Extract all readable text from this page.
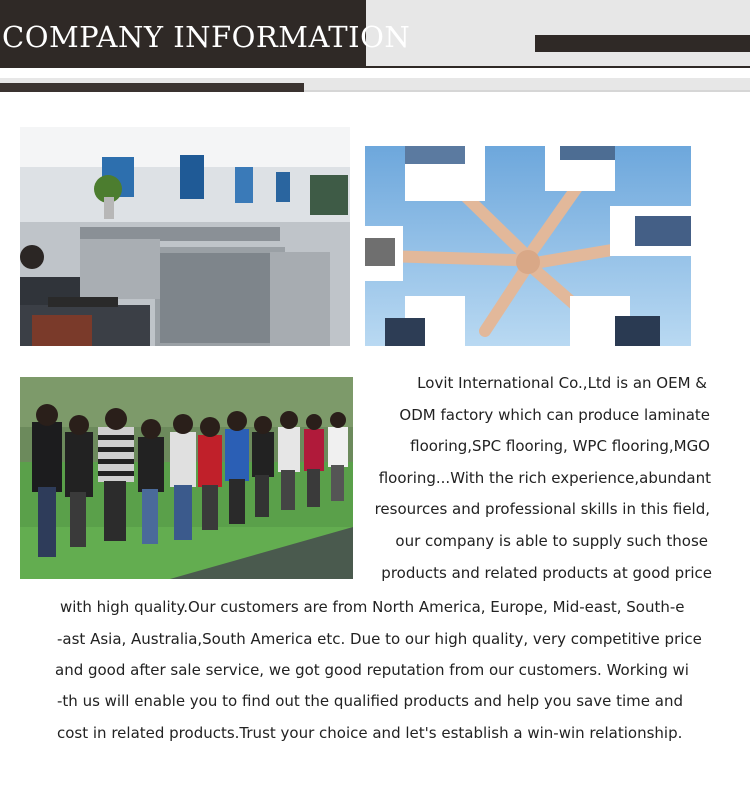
COMPANY INFORMATION

Lovit International Co.,Ltd is an OEM &

ODM factory which can produce laminate

flooring,SPC flooring, WPC flooring,MGO

flooring...With the rich experience,abundant

resources and professional skills in this field,

our company is able to supply such those

products and related products at good price

with high quality.Our customers are from North America, Europe, Mid-east, South-e

-ast Asia, Australia,South America etc. Due to our high quality, very competitive price

and good after sale service, we got good reputation from our customers. Working wi

-th us will enable you to find out the qualified products and help you save time and

cost in related products.Trust your choice and let's establish a win-win relationship.
